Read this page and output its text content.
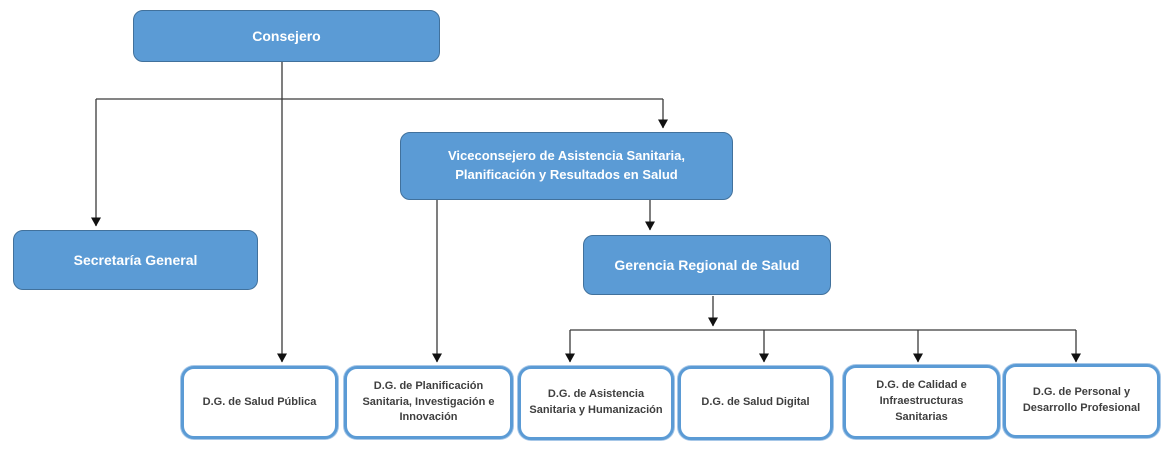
Consejero
Viceconsejero de Asistencia Sanitaria, Planificación y Resultados en Salud
Secretaría General	Gerencia Regional de Salud
D.G. de Salud Pública
D.G. de Planificación Sanitaria, Investigación e Innovación
D.G. de Asistencia Sanitaria y Humanización
D.G. de Salud Digital
D.G. de Calidad e Infraestructuras Sanitarias
D.G. de Personal y Desarrollo Profesional
